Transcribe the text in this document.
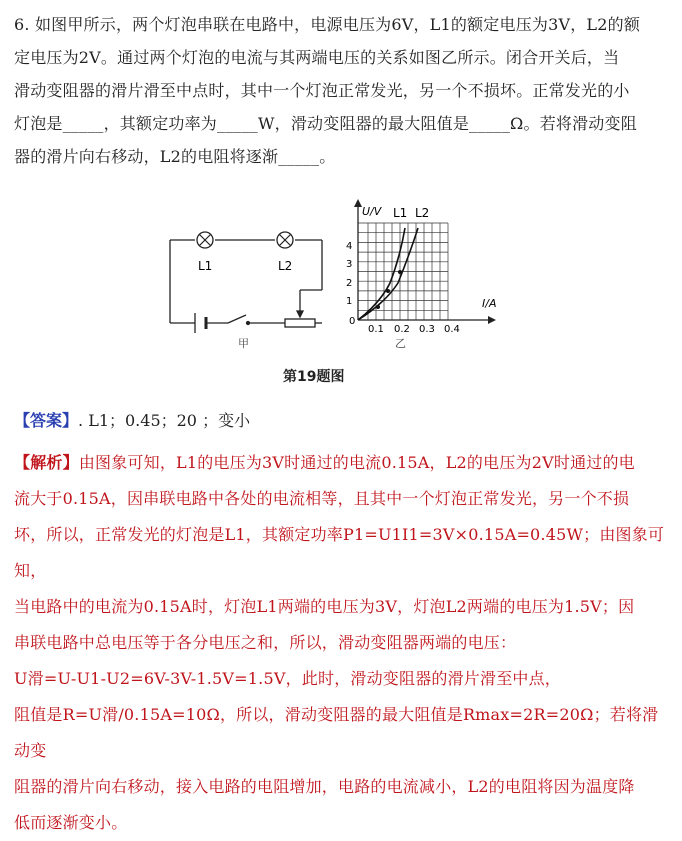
6. 如图甲所示，两个灯泡串联在电路中，电源电压为6V，L1的额定电压为3V，L2的额

定电压为2V。通过两个灯泡的电流与其两端电压的关系如图乙所示。闭合开关后，当

滑动变阻器的滑片滑至中点时，其中一个灯泡正常发光，另一个不损坏。正常发光的小

灯泡是_____，其额定功率为_____W，滑动变阻器的最大阻值是_____Ω。若将滑动变阻

器的滑片向右移动，L2的电阻将逐渐_____。

L1	L2
甲
U/V
I/A
0
4
3
2
1
0.1 0.2 0.3 0.4
L1 L2
乙
第19题图
【答案】. L1；0.45；20 ；变小

【解析】由图象可知，L1的电压为3V时通过的电流0.15A，L2的电压为2V时通过的电

流大于0.15A，因串联电路中各处的电流相等，且其中一个灯泡正常发光，另一个不损

坏，所以，正常发光的灯泡是L1，其额定功率P1=U1I1=3V×0.15A=0.45W；由图象可知，

当电路中的电流为0.15A时，灯泡L1两端的电压为3V，灯泡L2两端的电压为1.5V；因

串联电路中总电压等于各分电压之和，所以，滑动变阻器两端的电压：

U滑=U-U1-U2=6V-3V-1.5V=1.5V，此时，滑动变阻器的滑片滑至中点，

阻值是R=U滑/0.15A=10Ω，所以，滑动变阻器的最大阻值是Rmax=2R=20Ω；若将滑动变

阻器的滑片向右移动，接入电路的电阻增加，电路的电流减小，L2的电阻将因为温度降

低而逐渐变小。
